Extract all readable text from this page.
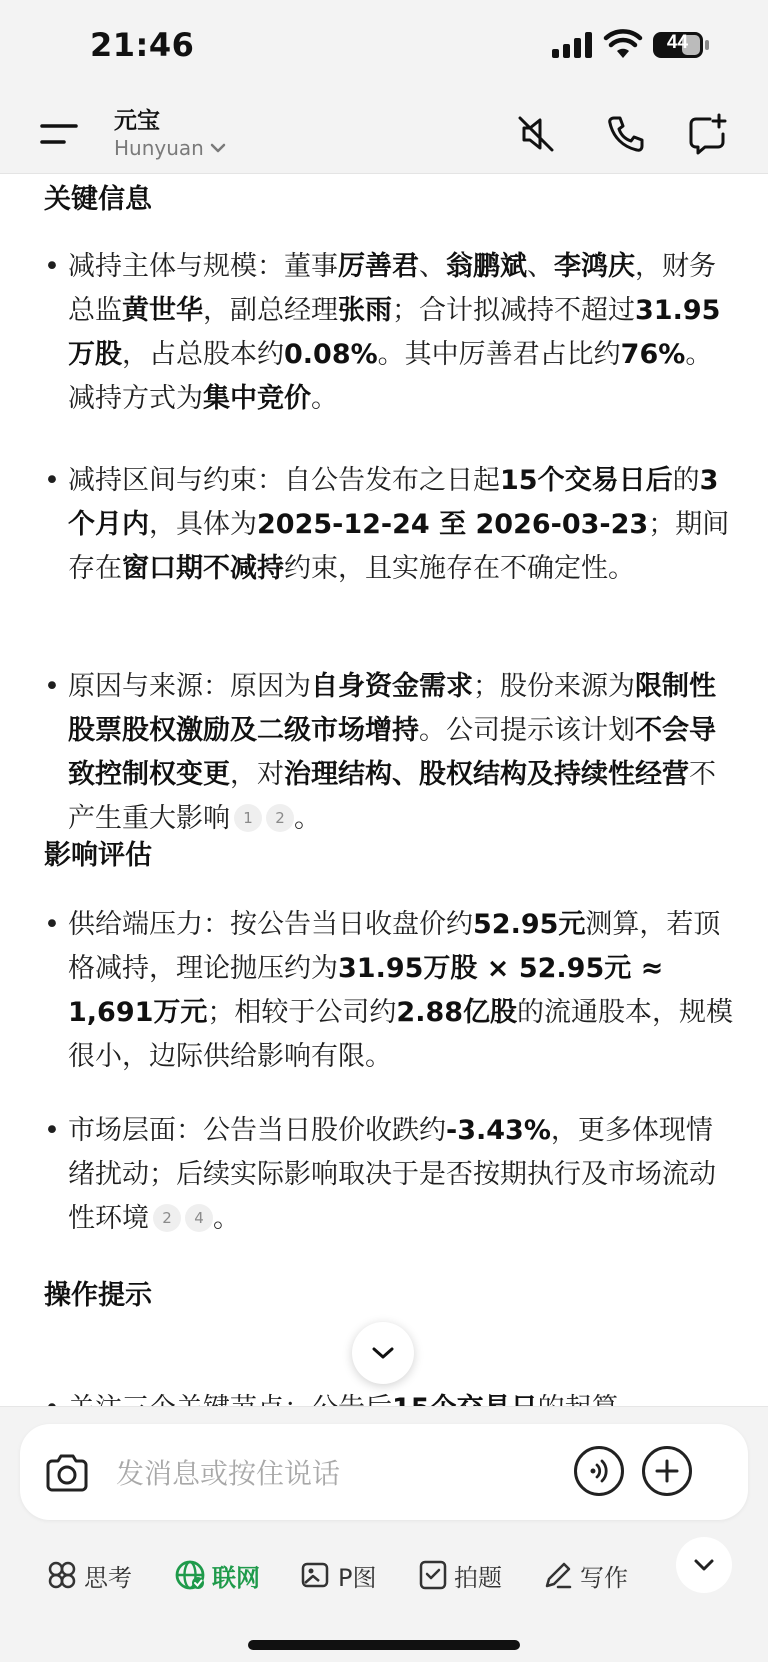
21:46	44
元宝
Hunyuan
关键信息
• 减持主体与规模：董事厉善君、翁鹏斌、李鸿庆，财务总监黄世华，副总经理张雨；合计拟减持不超过31.95万股，占总股本约0.08%。其中厉善君占比约76%。减持方式为集中竞价。
• 减持区间与约束：自公告发布之日起15个交易日后的3个月内，具体为2025-12-24 至 2026-03-23；期间存在窗口期不减持约束，且实施存在不确定性。
• 原因与来源：原因为自身资金需求；股份来源为限制性股票股权激励及二级市场增持。公司提示该计划不会导致控制权变更，对治理结构、股权结构及持续性经营不产生重大影响 1 2 。
影响评估
• 供给端压力：按公告当日收盘价约52.95元测算，若顶格减持，理论抛压约为31.95万股 × 52.95元 ≈ 1,691万元；相较于公司约2.88亿股的流通股本，规模很小，边际供给影响有限。
• 市场层面：公告当日股价收跌约-3.43%，更多体现情绪扰动；后续实际影响取决于是否按期执行及市场流动性环境 2 4 。
操作提示
发消息或按住说话
思考	联网	P图	拍题	写作
